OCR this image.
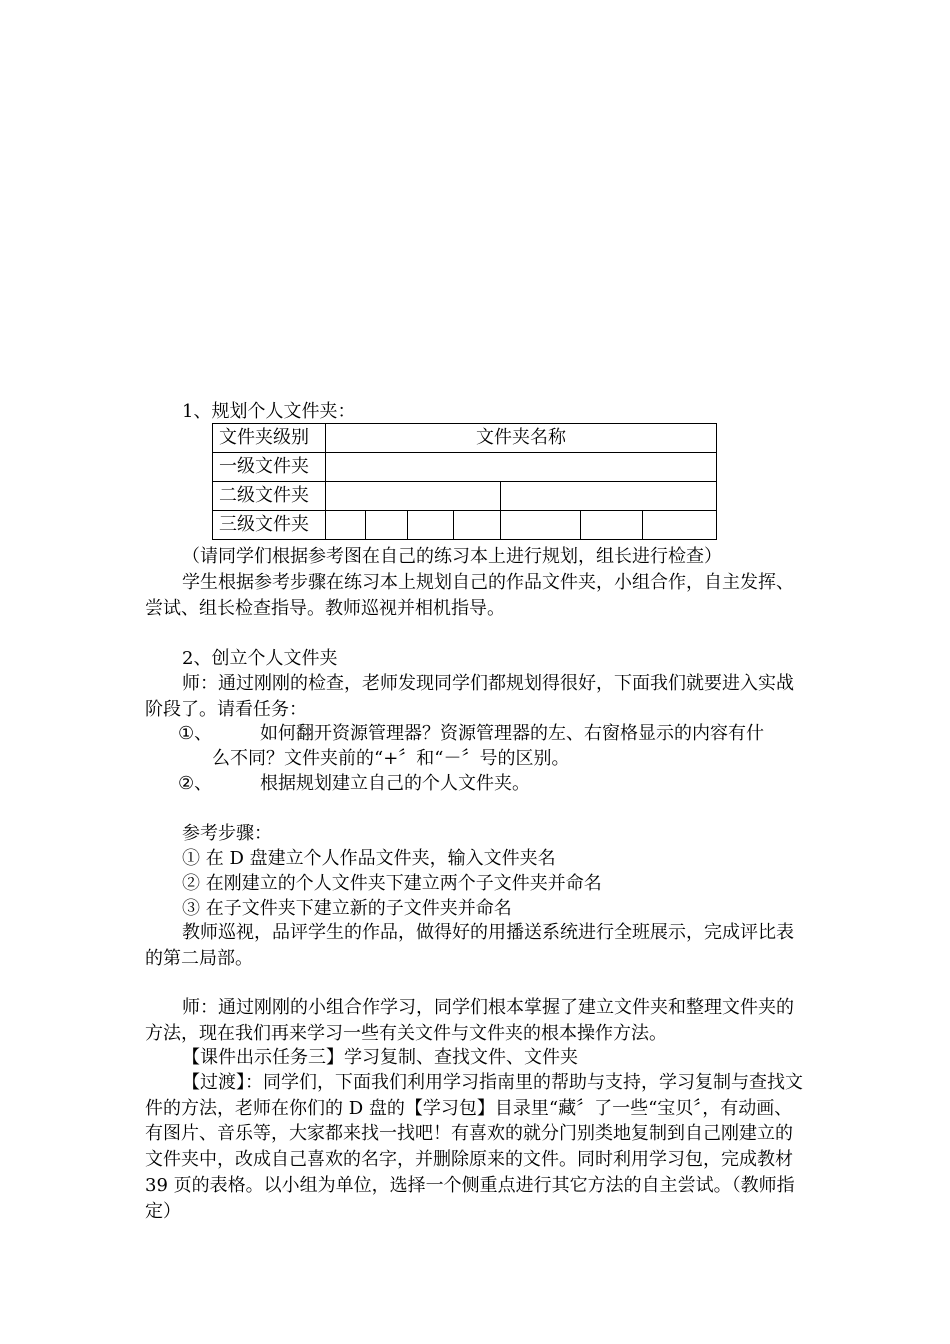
1、规划个人文件夹：
文件夹级别	文件夹名称						
一级文件夹							
二级文件夹							
三级文件夹							
（请同学们根据参考图在自己的练习本上进行规划，组长进行检查）
学生根据参考步骤在练习本上规划自己的作品文件夹，小组合作，自主发挥、尝试、组长检查指导。教师巡视并相机指导。
2、创立个人文件夹
师：通过刚刚的检查，老师发现同学们都规划得很好，下面我们就要进入实战阶段了。请看任务：
①、	如何翻开资源管理器？资源管理器的左、右窗格显示的内容有什
么不同？文件夹前的“+〞和“－〞号的区别。
②、	根据规划建立自己的个人文件夹。
参考步骤：
① 在 D 盘建立个人作品文件夹，输入文件夹名
② 在刚建立的个人文件夹下建立两个子文件夹并命名
③ 在子文件夹下建立新的子文件夹并命名
教师巡视，品评学生的作品，做得好的用播送系统进行全班展示，完成评比表的第二局部。
师：通过刚刚的小组合作学习，同学们根本掌握了建立文件夹和整理文件夹的方法，现在我们再来学习一些有关文件与文件夹的根本操作方法。
【课件出示任务三】学习复制、查找文件、文件夹
【过渡】：同学们，下面我们利用学习指南里的帮助与支持，学习复制与查找文件的方法，老师在你们的 D 盘的【学习包】目录里“藏〞了一些“宝贝〞，有动画、有图片、音乐等，大家都来找一找吧！有喜欢的就分门别类地复制到自己刚建立的文件夹中，改成自己喜欢的名字，并删除原来的文件。同时利用学习包，完成教材 39 页的表格。以小组为单位，选择一个侧重点进行其它方法的自主尝试。（教师指定）
